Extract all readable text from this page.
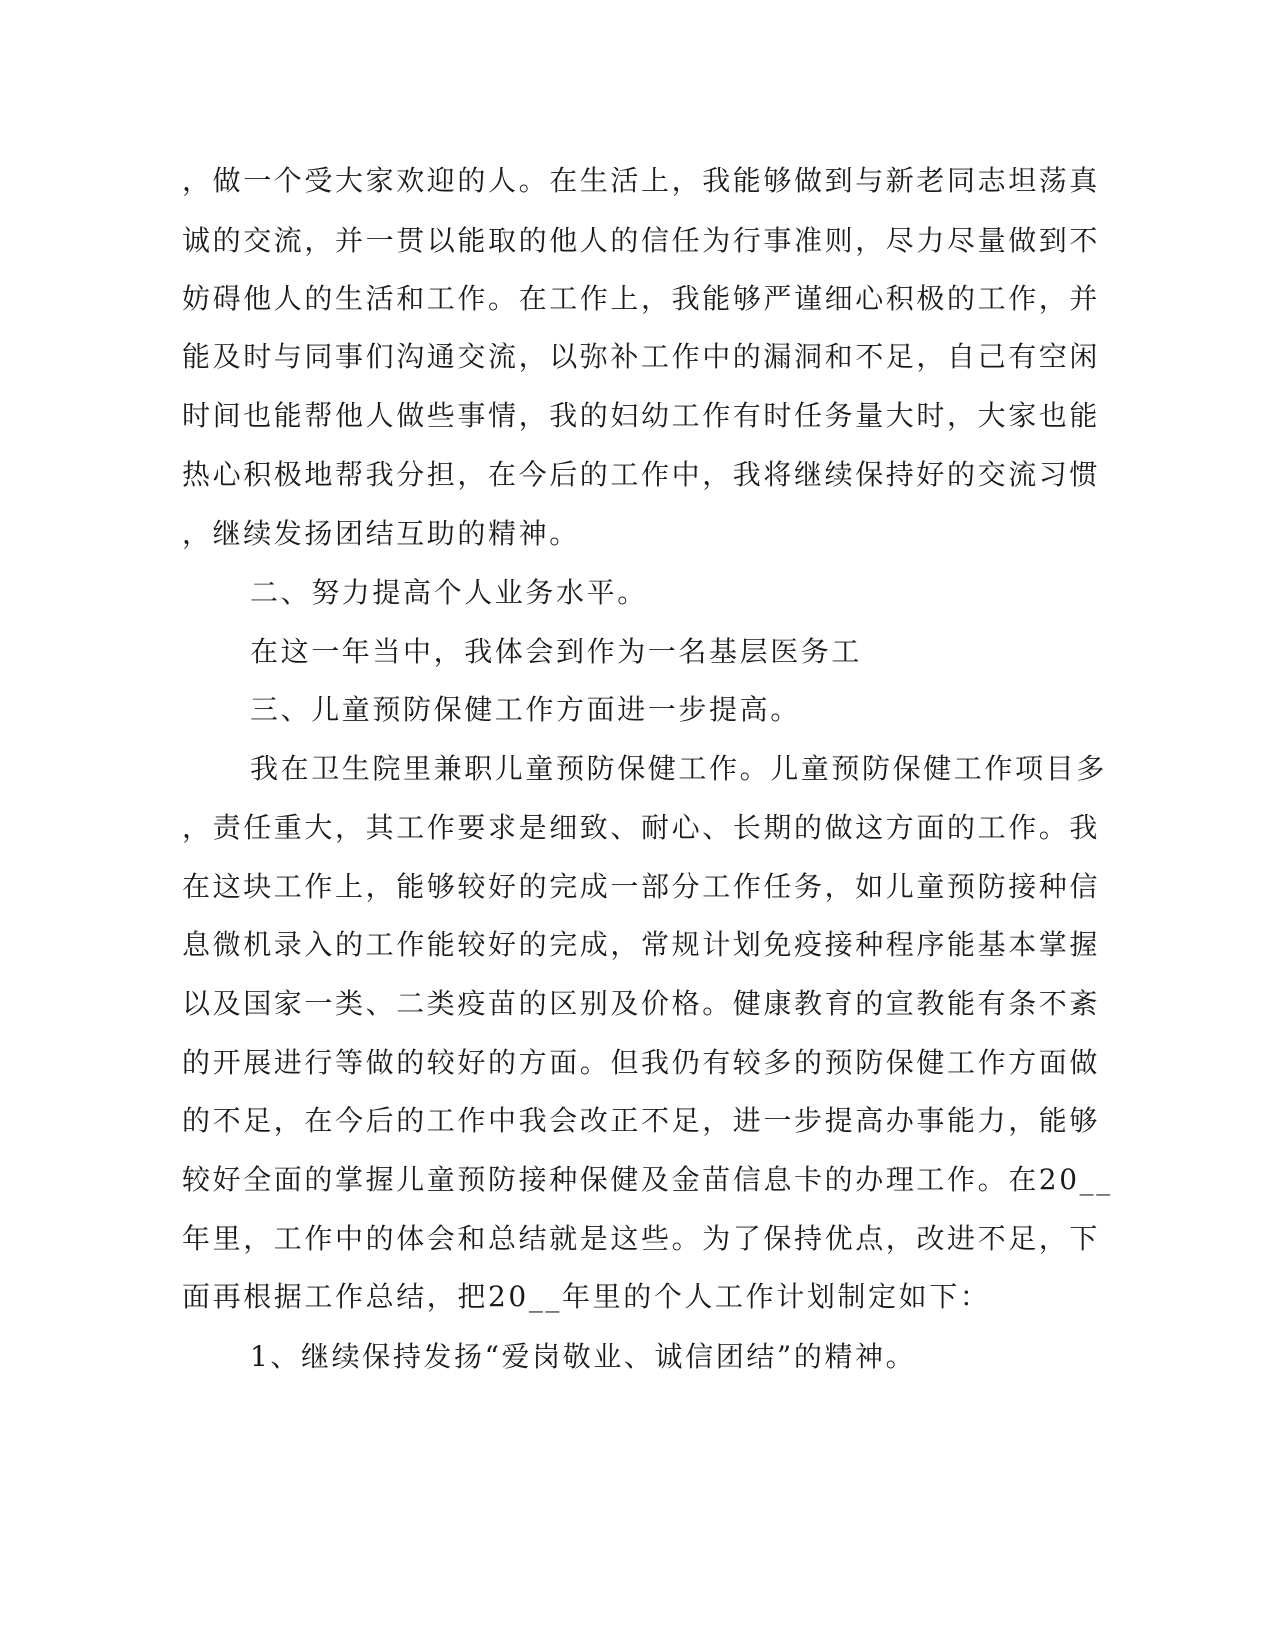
，做一个受大家欢迎的人。在生活上，我能够做到与新老同志坦荡真
诚的交流，并一贯以能取的他人的信任为行事准则，尽力尽量做到不
妨碍他人的生活和工作。在工作上，我能够严谨细心积极的工作，并
能及时与同事们沟通交流，以弥补工作中的漏洞和不足，自己有空闲
时间也能帮他人做些事情，我的妇幼工作有时任务量大时，大家也能
热心积极地帮我分担，在今后的工作中，我将继续保持好的交流习惯
，继续发扬团结互助的精神。
二、努力提高个人业务水平。
在这一年当中，我体会到作为一名基层医务工
三、儿童预防保健工作方面进一步提高。
我在卫生院里兼职儿童预防保健工作。儿童预防保健工作项目多
，责任重大，其工作要求是细致、耐心、长期的做这方面的工作。我
在这块工作上，能够较好的完成一部分工作任务，如儿童预防接种信
息微机录入的工作能较好的完成，常规计划免疫接种程序能基本掌握
以及国家一类、二类疫苗的区别及价格。健康教育的宣教能有条不紊
的开展进行等做的较好的方面。但我仍有较多的预防保健工作方面做
的不足，在今后的工作中我会改正不足，进一步提高办事能力，能够
较好全面的掌握儿童预防接种保健及金苗信息卡的办理工作。在20__
年里，工作中的体会和总结就是这些。为了保持优点，改进不足，下
面再根据工作总结，把20__年里的个人工作计划制定如下：
1、继续保持发扬“爱岗敬业、诚信团结”的精神。
